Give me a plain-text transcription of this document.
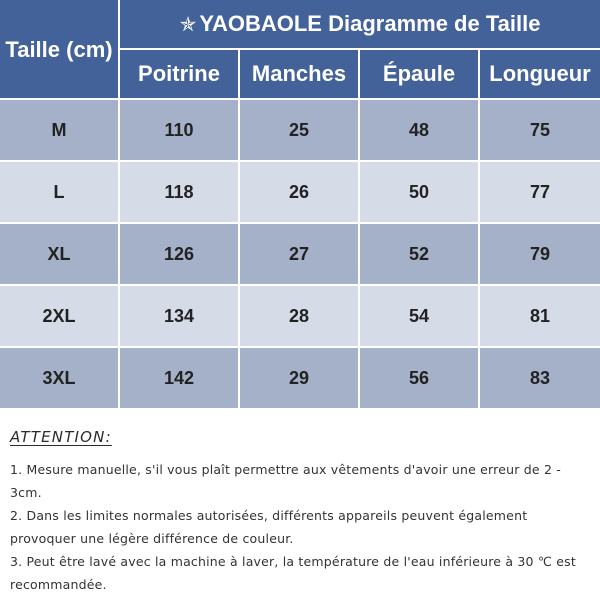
Taille (cm)	✯ YAOBAOLE Diagramme de Taille			
	Poitrine	Manches	Épaule	Longueur
M	110	25	48	75
L	118	26	50	77
XL	126	27	52	79
2XL	134	28	54	81
3XL	142	29	56	83
ATTENTION:

1. Mesure manuelle, s'il vous plaît permettre aux vêtements d'avoir une erreur de 2 - 3cm.

2. Dans les limites normales autorisées, différents appareils peuvent également provoquer une légère différence de couleur.

3. Peut être lavé avec la machine à laver, la température de l'eau inférieure à 30 ℃ est recommandée.
